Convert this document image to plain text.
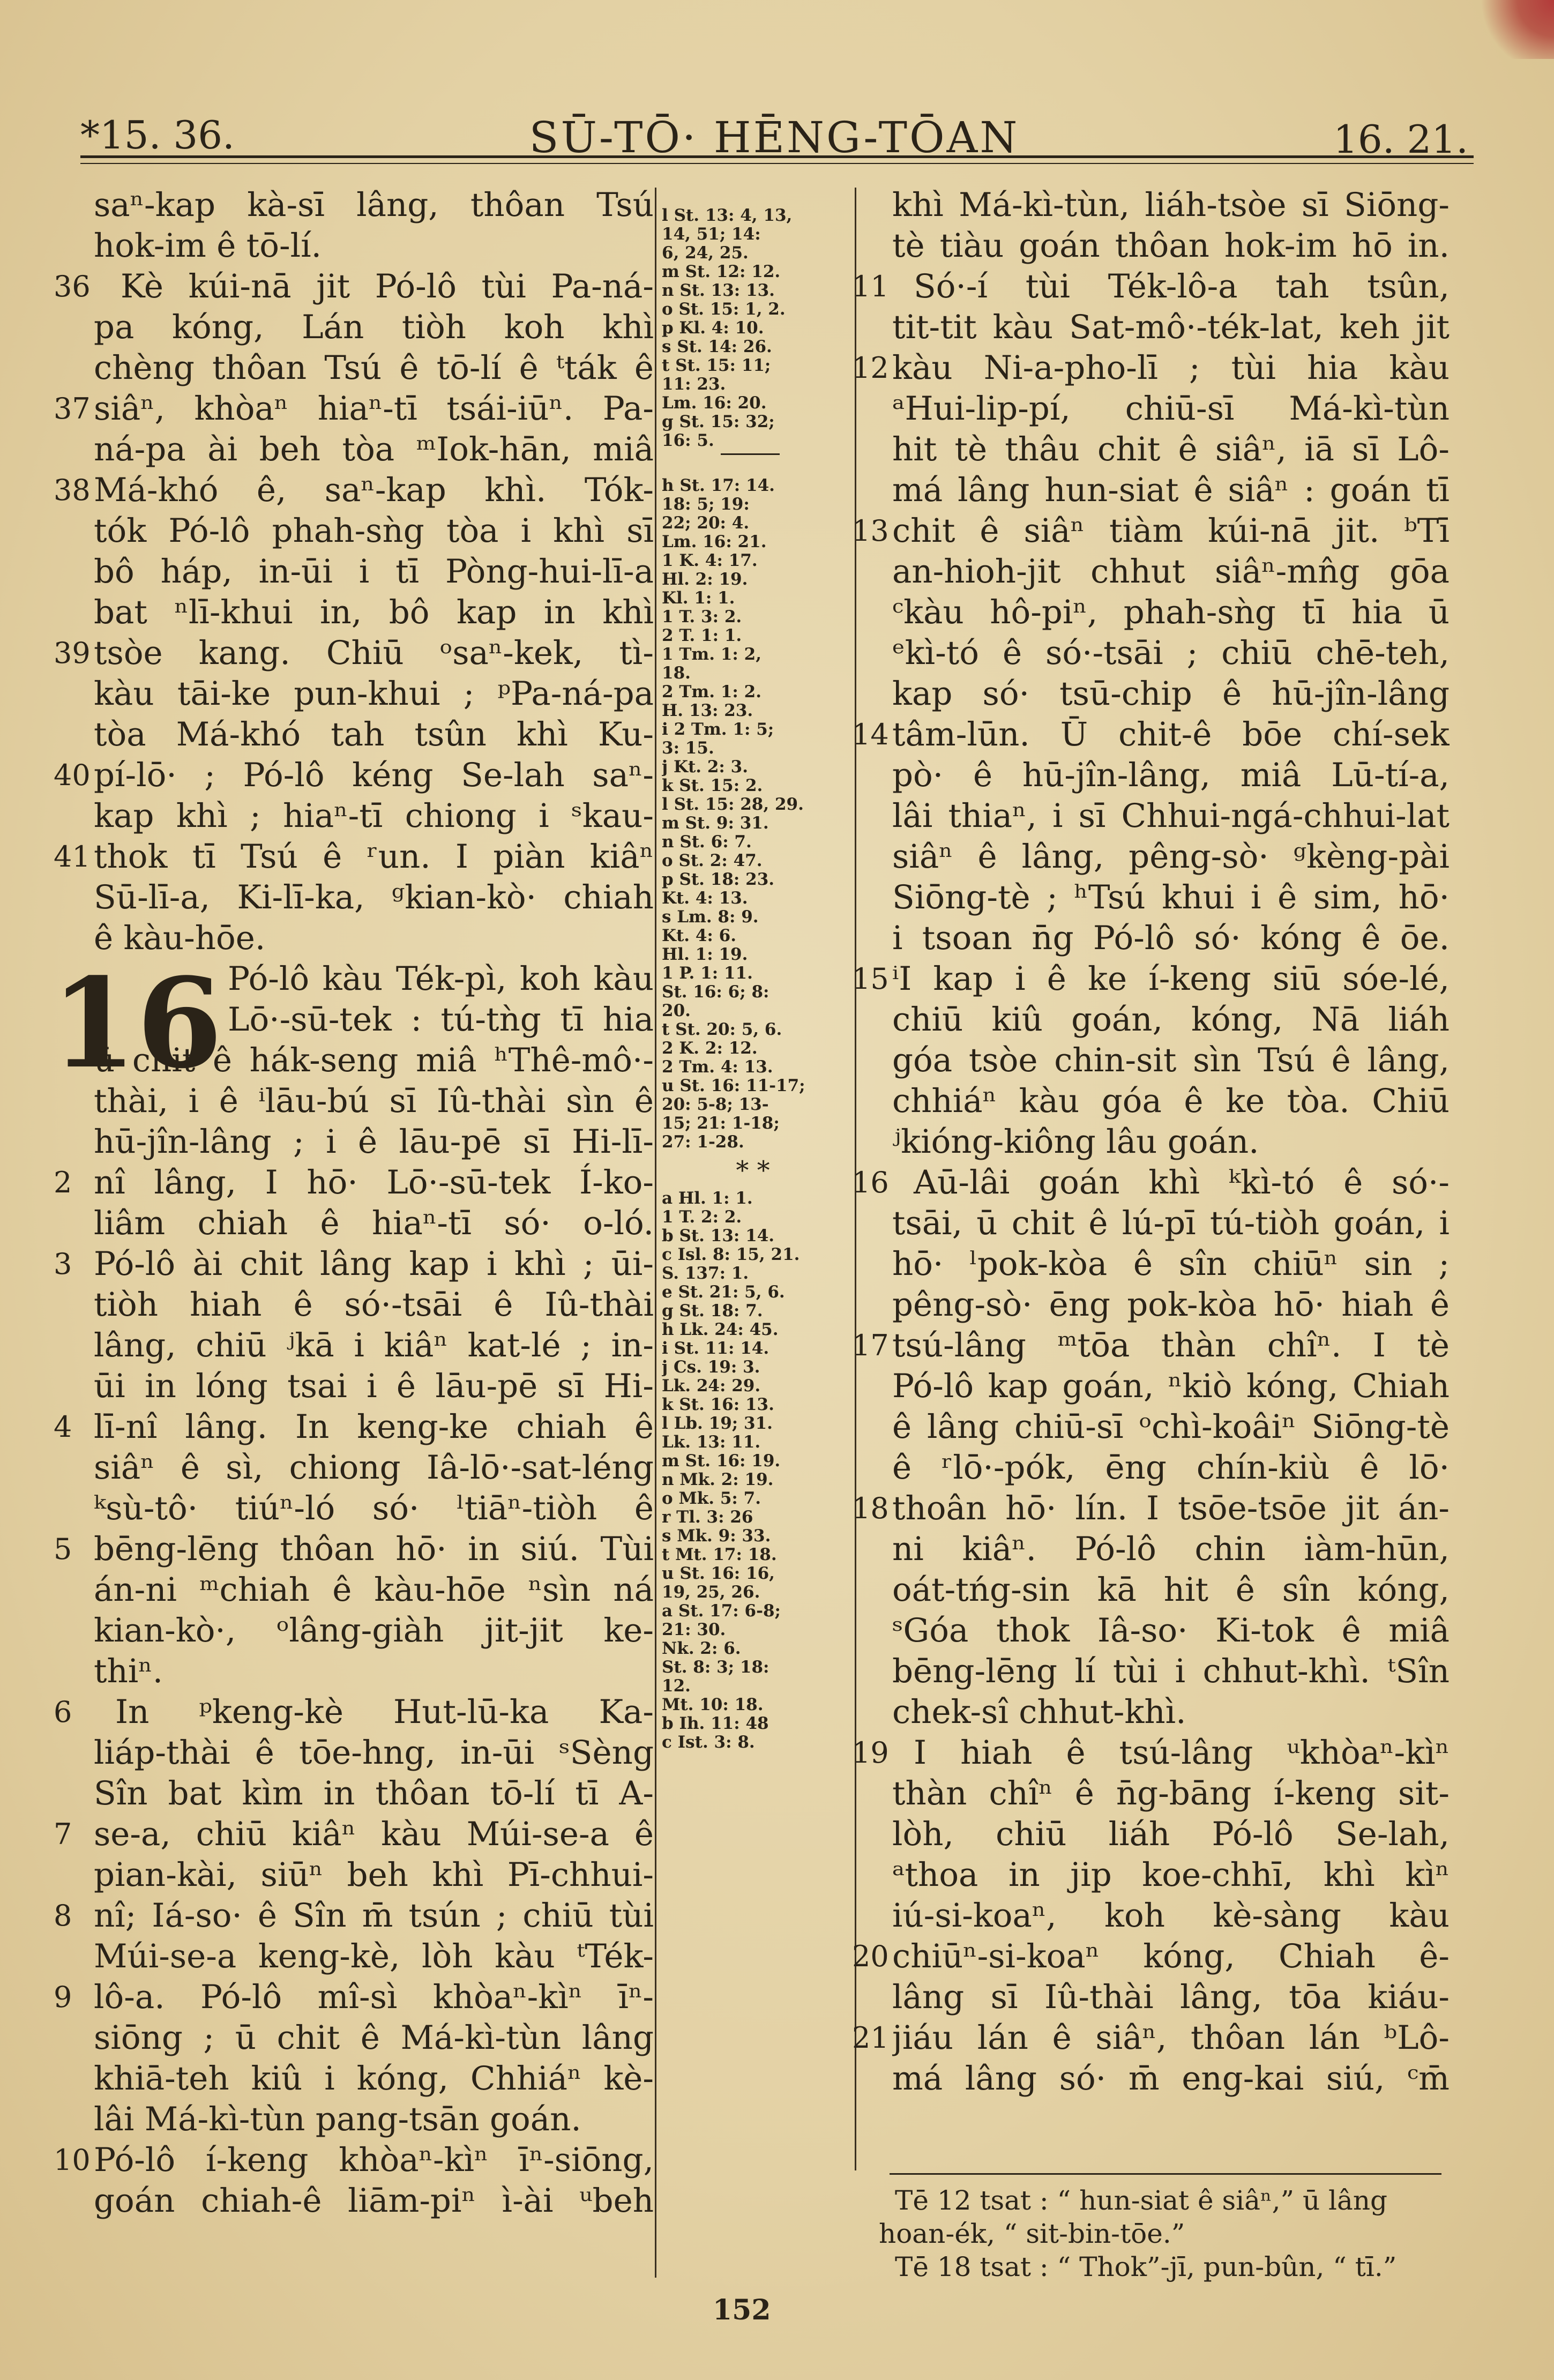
*15. 36.	SŪ-TŌ· HĒNG-TŌAN	16. 21.
saⁿ-kap kà-sī lâng, thôan Tsú
hok-im ê tō-lí.
Kè kúi-nā jit Pó-lô tùi Pa-ná-
pa kóng, Lán tiòh koh khì
chèng thôan Tsú ê tō-lí ê ᵗták ê
siâⁿ, khòaⁿ hiaⁿ-tī tsái-iūⁿ. Pa-
ná-pa ài beh tòa ᵐIok-hān, miâ
Má-khó ê, saⁿ-kap khì. Tók-
tók Pó-lô phah-sǹg tòa i khì sī
bô háp, in-ūi i tī Pòng-hui-lī-a
bat ⁿlī-khui in, bô kap in khì
tsòe kang. Chiū ᵒsaⁿ-kek, tì-
kàu tāi-ke pun-khui ; ᵖPa-ná-pa
tòa Má-khó tah tsûn khì Ku-
pí-lō· ; Pó-lô kéng Se-lah saⁿ-
kap khì ; hiaⁿ-tī chiong i ˢkau-
thok tī Tsú ê ʳun. I piàn kiâⁿ
Sū-lī-a, Ki-lī-ka, ᵍkian-kò· chiah
ê kàu-hōe.
Pó-lô kàu Ték-pì, koh kàu
Lō·-sū-tek : tú-tǹg tī hia
ū chit ê hák-seng miâ ʰThê-mô·-
thài, i ê ⁱlāu-bú sī Iû-thài sìn ê
hū-jîn-lâng ; i ê lāu-pē sī Hi-lī-
nî lâng, I hō· Lō·-sū-tek Í-ko-
liâm chiah ê hiaⁿ-tī só· o-ló.
Pó-lô ài chit lâng kap i khì ; ūi-
tiòh hiah ê só·-tsāi ê Iû-thài
lâng, chiū ʲkā i kiâⁿ kat-lé ; in-
ūi in lóng tsai i ê lāu-pē sī Hi-
lī-nî lâng. In keng-ke chiah ê
siâⁿ ê sì, chiong Iâ-lō·-sat-léng
ᵏsù-tô· tiúⁿ-ló só· ˡtiāⁿ-tiòh ê
bēng-lēng thôan hō· in siú. Tùi
án-ni ᵐchiah ê kàu-hōe ⁿsìn ná
kian-kò·, ᵒlâng-giàh jit-jit ke-
thiⁿ.
In ᵖkeng-kè Hut-lū-ka Ka-
liáp-thài ê tōe-hng, in-ūi ˢSèng
Sîn bat kìm in thôan tō-lí tī A-
se-a, chiū kiâⁿ kàu Múi-se-a ê
pian-kài, siūⁿ beh khì Pī-chhui-
nî; Iá-so· ê Sîn m̄ tsún ; chiū tùi
Múi-se-a keng-kè, lòh kàu ᵗTék-
lô-a. Pó-lô mî-sì khòaⁿ-kìⁿ īⁿ-
siōng ; ū chit ê Má-kì-tùn lâng
khiā-teh kiû i kóng, Chhiáⁿ kè-
lâi Má-kì-tùn pang-tsān goán.
Pó-lô í-keng khòaⁿ-kìⁿ īⁿ-siōng,
goán chiah-ê liām-piⁿ ì-ài ᵘbeh
16
l St. 13: 4, 13,
14, 51; 14:
6, 24, 25.
m St. 12: 12.
n St. 13: 13.
o St. 15: 1, 2.
p Kl. 4: 10.
s St. 14: 26.
t St. 15: 11;
11: 23.
Lm. 16: 20.
g St. 15: 32;
16: 5.
h St. 17: 14.
18: 5; 19:
22; 20: 4.
Lm. 16: 21.
1 K. 4: 17.
Hl. 2: 19.
Kl. 1: 1.
1 T. 3: 2.
2 T. 1: 1.
1 Tm. 1: 2,
18.
2 Tm. 1: 2.
H. 13: 23.
i 2 Tm. 1: 5;
3: 15.
j Kt. 2: 3.
k St. 15: 2.
l St. 15: 28, 29.
m St. 9: 31.
n St. 6: 7.
o St. 2: 47.
p St. 18: 23.
Kt. 4: 13.
s Lm. 8: 9.
Kt. 4: 6.
Hl. 1: 19.
1 P. 1: 11.
St. 16: 6; 8:
20.
t St. 20: 5, 6.
2 K. 2: 12.
2 Tm. 4: 13.
u St. 16: 11-17;
20: 5-8; 13-
15; 21: 1-18;
27: 1-28.
* *
a Hl. 1: 1.
1 T. 2: 2.
b St. 13: 14.
c Isl. 8: 15, 21.
S. 137: 1.
e St. 21: 5, 6.
g St. 18: 7.
h Lk. 24: 45.
i St. 11: 14.
j Cs. 19: 3.
Lk. 24: 29.
k St. 16: 13.
l Lb. 19; 31.
Lk. 13: 11.
m St. 16: 19.
n Mk. 2: 19.
o Mk. 5: 7.
r Tl. 3: 26
s Mk. 9: 33.
t Mt. 17: 18.
u St. 16: 16,
19, 25, 26.
a St. 17: 6-8;
21: 30.
Nk. 2: 6.
St. 8: 3; 18:
12.
Mt. 10: 18.
b Ih. 11: 48
c Ist. 3: 8.
khì Má-kì-tùn, liáh-tsòe sī Siōng-
tè tiàu goán thôan hok-im hō in.
Só·-í tùi Ték-lô-a tah tsûn,
tit-tit kàu Sat-mô·-ték-lat, keh jit
kàu Ni-a-pho-lī ; tùi hia kàu
ᵃHui-lip-pí, chiū-sī Má-kì-tùn
hit tè thâu chit ê siâⁿ, iā sī Lô-
má lâng hun-siat ê siâⁿ : goán tī
chit ê siâⁿ tiàm kúi-nā jit. ᵇTī
an-hioh-jit chhut siâⁿ-mn̂g gōa
ᶜkàu hô-piⁿ, phah-sǹg tī hia ū
ᵉkì-tó ê só·-tsāi ; chiū chē-teh,
kap só· tsū-chip ê hū-jîn-lâng
tâm-lūn. Ū chit-ê bōe chí-sek
pò· ê hū-jîn-lâng, miâ Lū-tí-a,
lâi thiaⁿ, i sī Chhui-ngá-chhui-lat
siâⁿ ê lâng, pêng-sò· ᵍkèng-pài
Siōng-tè ; ʰTsú khui i ê sim, hō·
i tsoan n̄g Pó-lô só· kóng ê ōe.
ⁱI kap i ê ke í-keng siū sóe-lé,
chiū kiû goán, kóng, Nā liáh
góa tsòe chin-sit sìn Tsú ê lâng,
chhiáⁿ kàu góa ê ke tòa. Chiū
ʲkióng-kiông lâu goán.
Aū-lâi goán khì ᵏkì-tó ê só·-
tsāi, ū chit ê lú-pī tú-tiòh goán, i
hō· ˡpok-kòa ê sîn chiūⁿ sin ;
pêng-sò· ēng pok-kòa hō· hiah ê
tsú-lâng ᵐtōa thàn chîⁿ. I tè
Pó-lô kap goán, ⁿkiò kóng, Chiah
ê lâng chiū-sī ᵒchì-koâiⁿ Siōng-tè
ê ʳlō·-pók, ēng chín-kiù ê lō·
thoân hō· lín. I tsōe-tsōe jit án-
ni kiâⁿ. Pó-lô chin iàm-hūn,
oát-tńg-sin kā hit ê sîn kóng,
ˢGóa thok Iâ-so· Ki-tok ê miâ
bēng-lēng lí tùi i chhut-khì. ᵗSîn
chek-sî chhut-khì.
I hiah ê tsú-lâng ᵘkhòaⁿ-kìⁿ
thàn chîⁿ ê n̄g-bāng í-keng sit-
lòh, chiū liáh Pó-lô Se-lah,
ᵃthoa in jip koe-chhī, khì kìⁿ
iú-si-koaⁿ, koh kè-sàng kàu
chiūⁿ-si-koaⁿ kóng, Chiah ê-
lâng sī Iû-thài lâng, tōa kiáu-
jiáu lán ê siâⁿ, thôan lán ᵇLô-
má lâng só· m̄ eng-kai siú, ᶜm̄
36
37
38
39
40
41
2
3
4
5
6
7
8
9
10
11
12
13
14
15
16
17
18
19
20
21
Tē 12 tsat : “ hun-siat ê siâⁿ,” ū lâng
hoan-ék, “ sit-bin-tōe.”
Tē 18 tsat : “ Thok”-jī, pun-bûn, “ tī.”
152
